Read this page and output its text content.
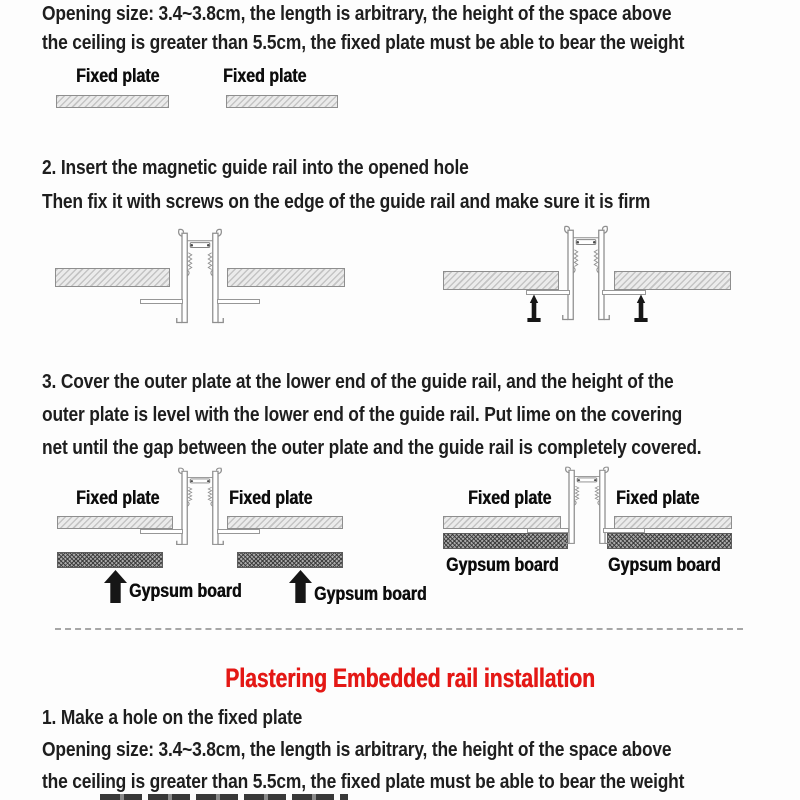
Opening size: 3.4~3.8cm, the length is arbitrary, the height of the space above
the ceiling is greater than 5.5cm, the fixed plate must be able to bear the weight
Fixed plate	Fixed plate
2. Insert the magnetic guide rail into the opened hole
Then fix it with screws on the edge of the guide rail and make sure it is firm
3. Cover the outer plate at the lower end of the guide rail, and the height of the
outer plate is level with the lower end of the guide rail. Put lime on the covering
net until the gap between the outer plate and the guide rail is completely covered.
Fixed plate	Fixed plate
Gypsum board	Gypsum board
Fixed plate	Fixed plate
Gypsum board	Gypsum board
Plastering Embedded rail installation
1. Make a hole on the fixed plate
Opening size: 3.4~3.8cm, the length is arbitrary, the height of the space above
the ceiling is greater than 5.5cm, the fixed plate must be able to bear the weight
